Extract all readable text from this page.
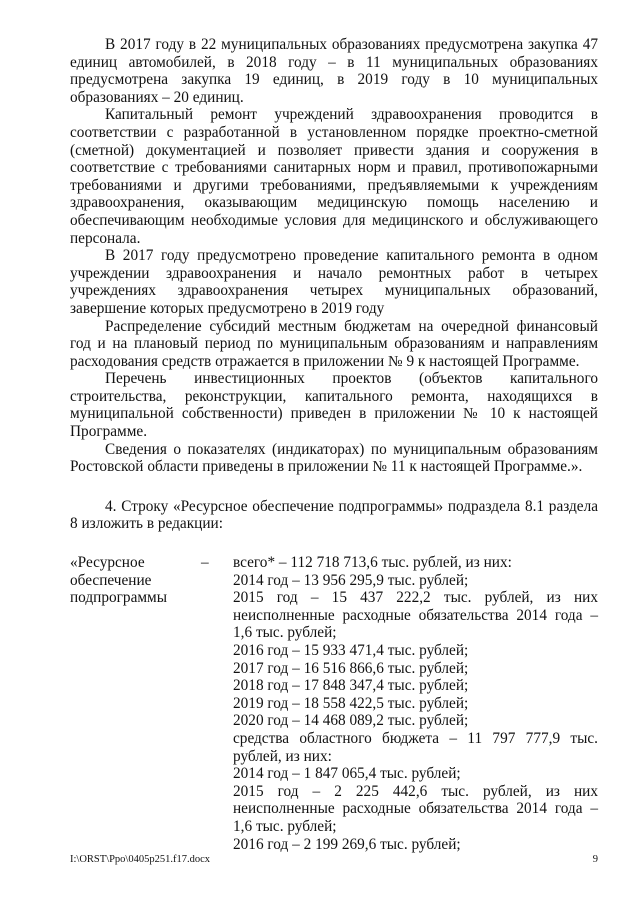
В 2017 году в 22 муниципальных образованиях предусмотрена закупка 47 единиц автомобилей, в 2018 году – в 11 муниципальных образованиях предусмотрена закупка 19 единиц, в 2019 году в 10 муниципальных образованиях – 20 единиц.

Капитальный ремонт учреждений здравоохранения проводится в соответствии с разработанной в установленном порядке проектно-сметной (сметной) документацией и позволяет привести здания и сооружения в соответствие с требованиями санитарных норм и правил, противопожарными требованиями и другими требованиями, предъявляемыми к учреждениям здравоохранения, оказывающим медицинскую помощь населению и обеспечивающим необходимые условия для медицинского и обслуживающего персонала.

В 2017 году предусмотрено проведение капитального ремонта в одном учреждении здравоохранения и начало ремонтных работ в четырех учреждениях здравоохранения четырех муниципальных образований, завершение которых предусмотрено в 2019 году

Распределение субсидий местным бюджетам на очередной финансовый год и на плановый период по муниципальным образованиям и направлениям расходования средств отражается в приложении № 9 к настоящей Программе.

Перечень инвестиционных проектов (объектов капитального строительства, реконструкции, капитального ремонта, находящихся в муниципальной собственности) приведен в приложении № 10 к настоящей Программе.

Сведения о показателях (индикаторах) по муниципальным образованиям Ростовской области приведены в приложении № 11 к настоящей Программе.».

4. Строку «Ресурсное обеспечение подпрограммы» подраздела 8.1 раздела 8 изложить в редакции:

«Ресурсное обеспечение подпрограммы
–	всего* – 112 718 713,6 тыс. рублей, из них:

2014 год – 13 956 295,9 тыс. рублей;

2015 год – 15 437 222,2 тыс. рублей, из них неисполненные расходные обязательства 2014 года – 1,6 тыс. рублей;

2016 год – 15 933 471,4 тыс. рублей;

2017 год – 16 516 866,6 тыс. рублей;

2018 год – 17 848 347,4 тыс. рублей;

2019 год – 18 558 422,5 тыс. рублей;

2020 год – 14 468 089,2 тыс. рублей;

средства областного бюджета – 11 797 777,9 тыс. рублей, из них:

2014 год – 1 847 065,4 тыс. рублей;

2015 год – 2 225 442,6 тыс. рублей, из них неисполненные расходные обязательства 2014 года – 1,6 тыс. рублей;

2016 год – 2 199 269,6 тыс. рублей;

I:\ORST\Ppo\0405p251.f17.docx	9
